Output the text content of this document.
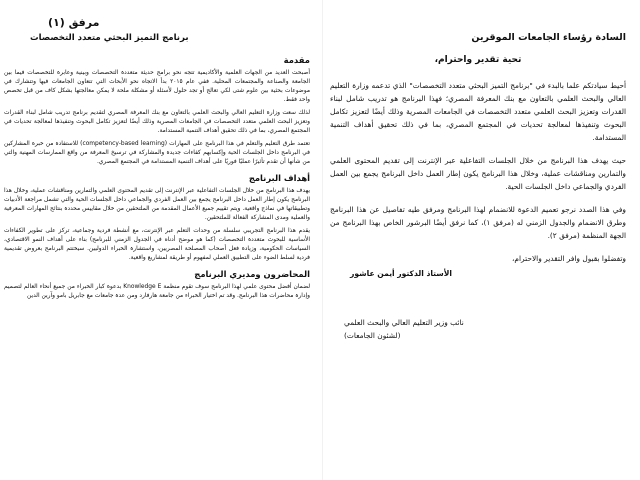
السادة رؤساء الجامعات الموقرين
تحية تقدير واحترام،

أحيط سيادتكم علما بالبدء في "برنامج التميز البحثي متعدد التخصصات" الذي تدعمه وزارة التعليم العالي والبحث العلمي بالتعاون مع بنك المعرفة المصري؛ فهذا البرنامج هو تدريب شامل لبناء القدرات وتعزيز البحث العلمي متعدد التخصصات في الجامعات المصرية وذلك أيضًا لتعزيز تكامل البحوث وتنفيذها لمعالجة تحديات في المجتمع المصري، بما في ذلك تحقيق أهداف التنمية المستدامة.

حيث يهدف هذا البرنامج من خلال الجلسات التفاعلية عبر الإنترنت إلى تقديم المحتوى العلمي والتمارين ومناقشات عملية، وخلال هذا البرنامج يكون إطار العمل داخل البرنامج يجمع بين العمل الفردي والجماعي داخل الجلسات الحية.

وفي هذا الصدد نرجو تعميم الدعوة للانضمام لهذا البرنامج ومرفق طيه تفاصيل عن هذا البرنامج وطرق الانضمام والجدول الزمني له (مرفق ١)، كما نرفق أيضًا البرشور الخاص بهذا البرنامج من الجهة المنظمة (مرفق ٢).

وتفضلوا بقبول وافر التقدير والاحترام،

الأستاذ الدكتور أيمن عاشور
نائب وزير التعليم العالي والبحث العلمي
(لشئون الجامعات)
مرفق (١)
برنامج التميز البحثي متعدد التخصصات
مقدمة

أصبحت العديد من الجهات العلمية والأكاديمية تتجه نحو برامج حديثة متعددة التخصصات وبينية وعابرة للتخصصات فيما بين الجامعة والصناعة والمجتمعات المحلية. ففي عام ٢٠١٥ بدأ الاتجاه نحو الأبحاث التي تتعاون الجامعات فيها وتتشارك في موضوعات بحثية بين علوم شتى لكي تعالج أو تجد حلول لأسئلة أو مشكلة ملحة لا يمكن معالجتها بشكل كاف من قبل تخصص واحد فقط.

لذلك سعت وزارة التعليم العالي والبحث العلمي بالتعاون مع بنك المعرفة المصري لتقديم برنامج تدريب شامل لبناء القدرات وتعزيز البحث العلمي متعدد التخصصات في الجامعات المصرية وذلك أيضًا لتعزيز تكامل البحوث وتنفيذها لمعالجة تحديات في المجتمع المصري، بما في ذلك تحقيق أهداف التنمية المستدامة.

تعتمد طرق التعليم والتعلم في هذا البرنامج على المهارات (competency-based learning) للاستفادة من خبرة المشاركين في البرنامج داخل الجلسات الحية وإكسابهم كفاءات جديدة والمشاركة في ترسيخ المعرفة من واقع الممارسات المهنية والتي من شأنها أن تقدم تأثيرًا عمليًا فوريًا على أهداف التنمية المستدامة في المجتمع المصري.

أهداف البرنامج

يهدف هذا البرنامج من خلال الجلسات التفاعلية عبر الإنترنت إلى تقديم المحتوى العلمي والتمارين ومناقشات عملية، وخلال هذا البرنامج يكون إطار العمل داخل البرنامج يجمع بين العمل الفردي والجماعي داخل الجلسات الحية والتي تشمل مراجعة الأدبيات وتطبيقاتها في نماذج واقعية. ويتم تقييم جميع الأعمال المقدمة من الملتحقين من خلال مقاييس محددة بنتائج المهارات المعرفية والعملية ومدى المشاركة الفعالة للملتحقين.

يقدم هذا البرنامج التجريبي سلسلة من وحدات التعلم عبر الإنترنت، مع أنشطة فردية وجماعية، تركز على تطوير الكفاءات الأساسية للبحوث متعددة التخصصات (كما هو موضح أدناه في الجدول الزمني للبرنامج) بناء على أهداف النمو الاقتصادي، السياسات الحكومية، وزيادة فعل أصحاب المصلحة المصريين، واستشارة الخبراء الدوليين. سيختتم البرنامج بعروض تقديمية فردية لسلط الضوء على التطبيق العملي لمفهوم أو طريقة لمشاريع واقعية.

المحاضرون ومديري البرنامج

لضمان أفضل محتوى علمي لهذا البرنامج سوف تقوم منظمة Knowledge E بدعوة كبار الخبراء من جميع أنحاء العالم لتصميم وإدارة محاضرات هذا البرنامج. وقد تم اختيار الخبراء من جامعة هارفارد ومن عدة جامعات مع جابريل بامو وآرين الدين
